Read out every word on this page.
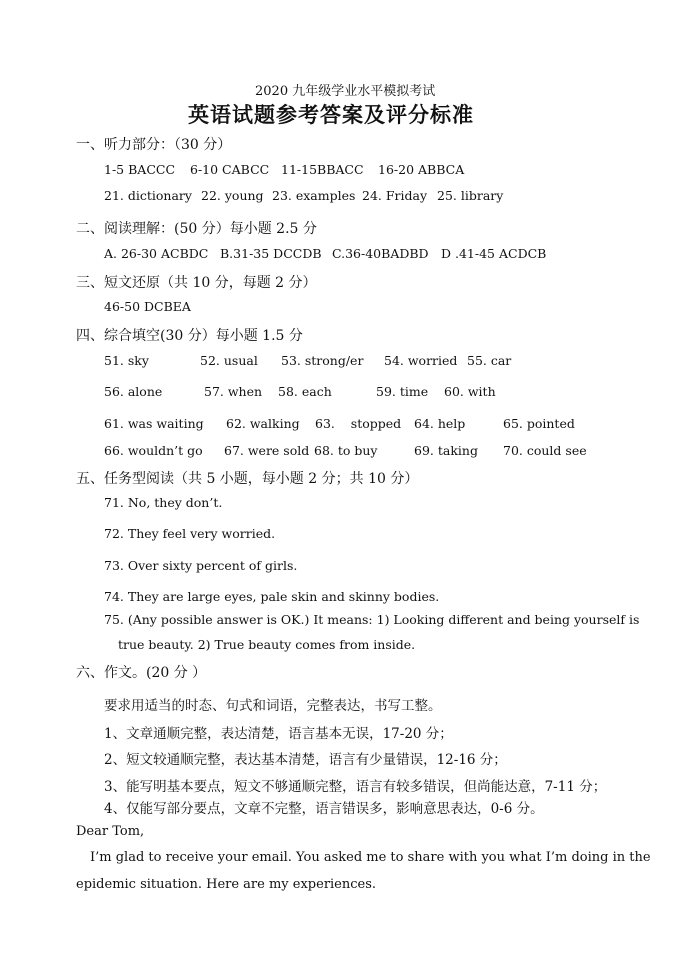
2020 九年级学业水平模拟考试
英语试题参考答案及评分标准
一、听力部分：（30 分）
1-5 BACCC 6-10 CABCC 11-15BBACC 16-20 ABBCA
21. dictionary 22. young 23. examples 24. Friday 25. library
二、阅读理解：(50 分）每小题 2.5 分
A. 26-30 ACBDC B.31-35 DCCDB C.36-40BADBD D .41-45 ACDCB
三、短文还原（共 10 分，每题 2 分）
46-50 DCBEA
四、综合填空(30 分）每小题 1.5 分
51. sky	52. usual 53. strong/er 54. worried 55. car
56. alone	57. when 58. each	59. time 60. with
61. was waiting 62. walking 63.    stopped 64. help	65. pointed
66. wouldn’t go 67. were sold 68. to buy	69. taking 70. could see
五、任务型阅读（共 5 小题，每小题 2 分；共 10 分）
71. No, they don’t.
72. They feel very worried.
73. Over sixty percent of girls.
74. They are large eyes, pale skin and skinny bodies.
75. (Any possible answer is OK.) It means: 1) Looking different and being yourself is
true beauty. 2) True beauty comes from inside.
六、作文。(20 分 ）
要求用适当的时态、句式和词语，完整表达，书写工整。
1、文章通顺完整，表达清楚，语言基本无误，17-20 分；
2、短文较通顺完整，表达基本清楚，语言有少量错误，12-16 分；
3、能写明基本要点，短文不够通顺完整，语言有较多错误，但尚能达意，7-11 分；
4、仅能写部分要点，文章不完整，语言错误多，影响意思表达，0-6 分。
Dear Tom,
I’m glad to receive your email. You asked me to share with you what I’m doing in the
epidemic situation. Here are my experiences.
